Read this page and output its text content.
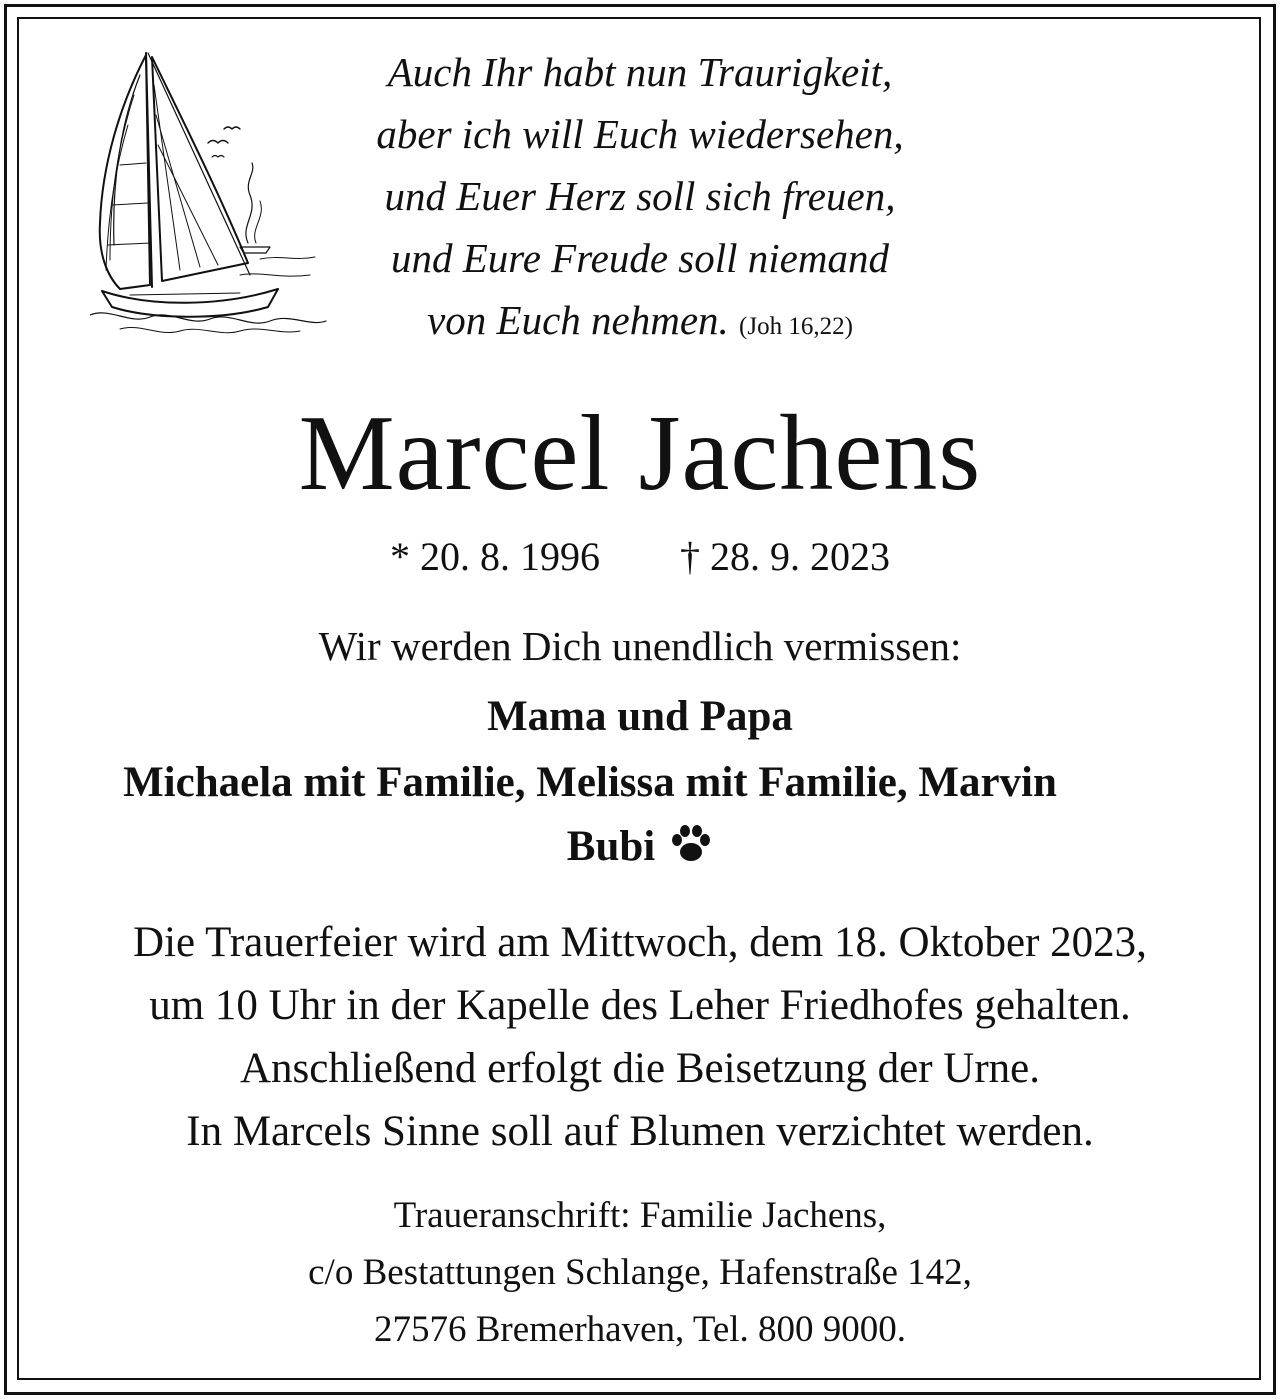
Auch Ihr habt nun Traurigkeit,
aber ich will Euch wiedersehen,
und Euer Herz soll sich freuen,
und Eure Freude soll niemand
von Euch nehmen. (Joh 16,22)
Marcel Jachens
* 20. 8. 1996 † 28. 9. 2023
Wir werden Dich unendlich vermissen:
Mama und Papa
Michaela mit Familie, Melissa mit Familie, Marvin
Bubi
Die Trauerfeier wird am Mittwoch, dem 18. Oktober 2023,
um 10 Uhr in der Kapelle des Leher Friedhofes gehalten.
Anschließend erfolgt die Beisetzung der Urne.
In Marcels Sinne soll auf Blumen verzichtet werden.
Traueranschrift: Familie Jachens,
c/o Bestattungen Schlange, Hafenstraße 142,
27576 Bremerhaven, Tel. 800 9000.
